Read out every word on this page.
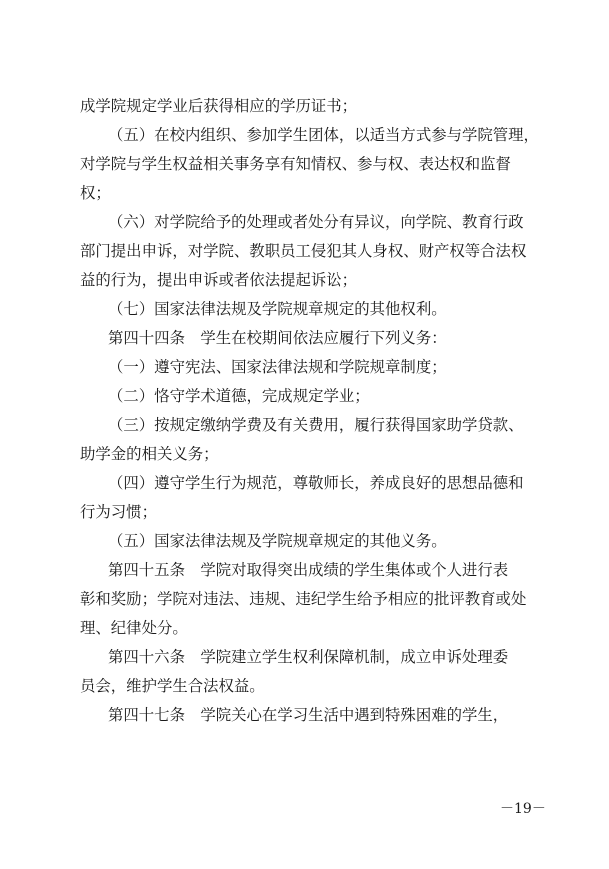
成学院规定学业后获得相应的学历证书；
（五）在校内组织、参加学生团体，以适当方式参与学院管理，
对学院与学生权益相关事务享有知情权、参与权、表达权和监督
权；
（六）对学院给予的处理或者处分有异议，向学院、教育行政
部门提出申诉，对学院、教职员工侵犯其人身权、财产权等合法权
益的行为，提出申诉或者依法提起诉讼；
（七）国家法律法规及学院规章规定的其他权利。
第四十四条　学生在校期间依法应履行下列义务：
（一）遵守宪法、国家法律法规和学院规章制度；
（二）恪守学术道德，完成规定学业；
（三）按规定缴纳学费及有关费用，履行获得国家助学贷款、
助学金的相关义务；
（四）遵守学生行为规范，尊敬师长，养成良好的思想品德和
行为习惯；
（五）国家法律法规及学院规章规定的其他义务。
第四十五条　学院对取得突出成绩的学生集体或个人进行表
彰和奖励；学院对违法、违规、违纪学生给予相应的批评教育或处
理、纪律处分。
第四十六条　学院建立学生权利保障机制，成立申诉处理委
员会，维护学生合法权益。
第四十七条　学院关心在学习生活中遇到特殊困难的学生，
－19－
